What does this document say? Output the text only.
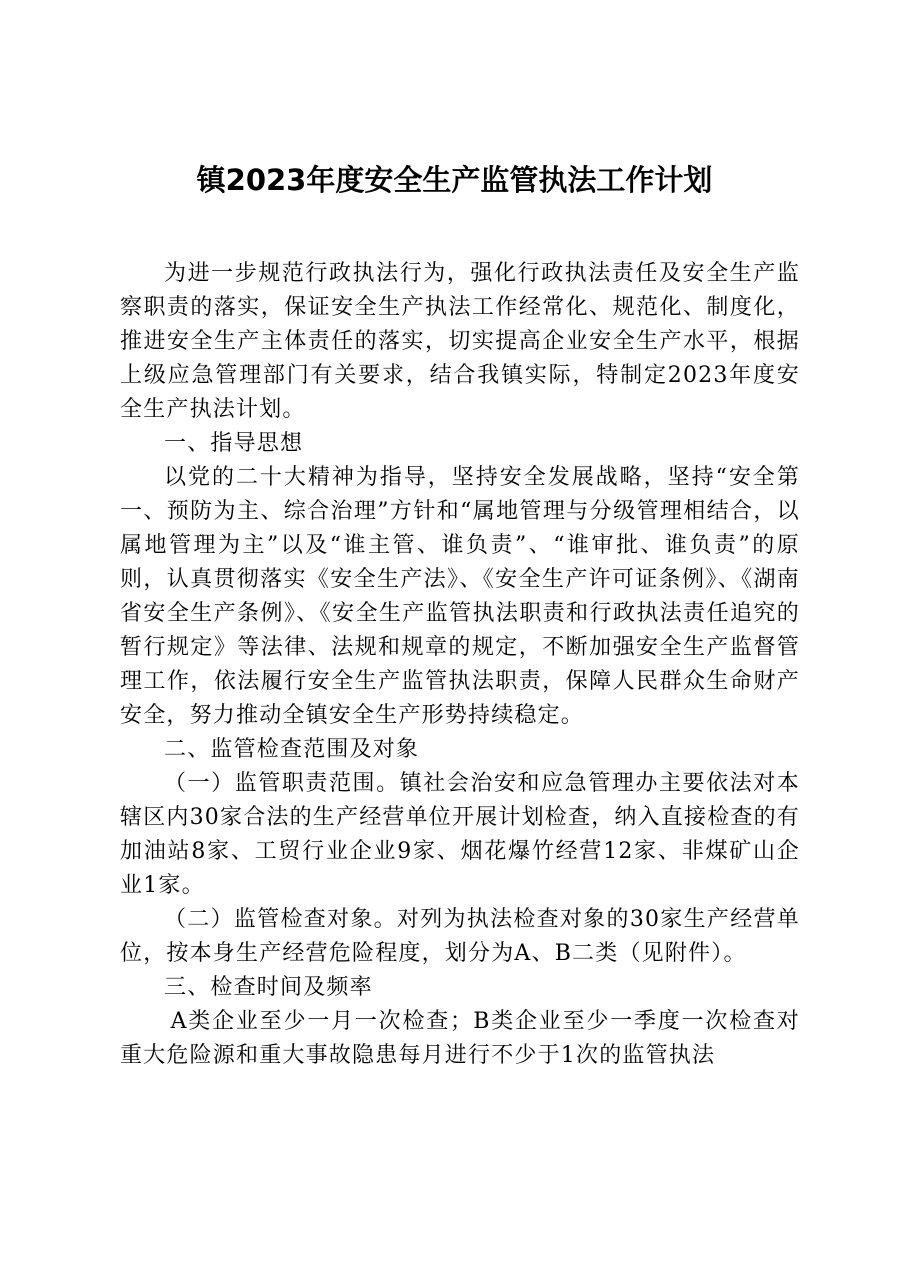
镇2023年度安全生产监管执法工作计划

为进一步规范行政执法行为，强化行政执法责任及安全生产监察职责的落实，保证安全生产执法工作经常化、规范化、制度化，推进安全生产主体责任的落实，切实提高企业安全生产水平，根据上级应急管理部门有关要求，结合我镇实际，特制定2023年度安全生产执法计划。

一、指导思想

以党的二十大精神为指导，坚持安全发展战略，坚持“安全第一、预防为主、综合治理”方针和“属地管理与分级管理相结合，以属地管理为主”以及“谁主管、谁负责”、“谁审批、谁负责”的原则，认真贯彻落实《安全生产法》、《安全生产许可证条例》、《湖南省安全生产条例》、《安全生产监管执法职责和行政执法责任追究的暂行规定》等法律、法规和规章的规定，不断加强安全生产监督管理工作，依法履行安全生产监管执法职责，保障人民群众生命财产安全，努力推动全镇安全生产形势持续稳定。

二、监管检查范围及对象

（一）监管职责范围。镇社会治安和应急管理办主要依法对本辖区内30家合法的生产经营单位开展计划检查，纳入直接检查的有加油站8家、工贸行业企业9家、烟花爆竹经营12家、非煤矿山企业1家。

（二）监管检查对象。对列为执法检查对象的30家生产经营单位，按本身生产经营危险程度，划分为A、B二类（见附件）。

三、检查时间及频率

A类企业至少一月一次检查；B类企业至少一季度一次检查对重大危险源和重大事故隐患每月进行不少于1次的监管执法
